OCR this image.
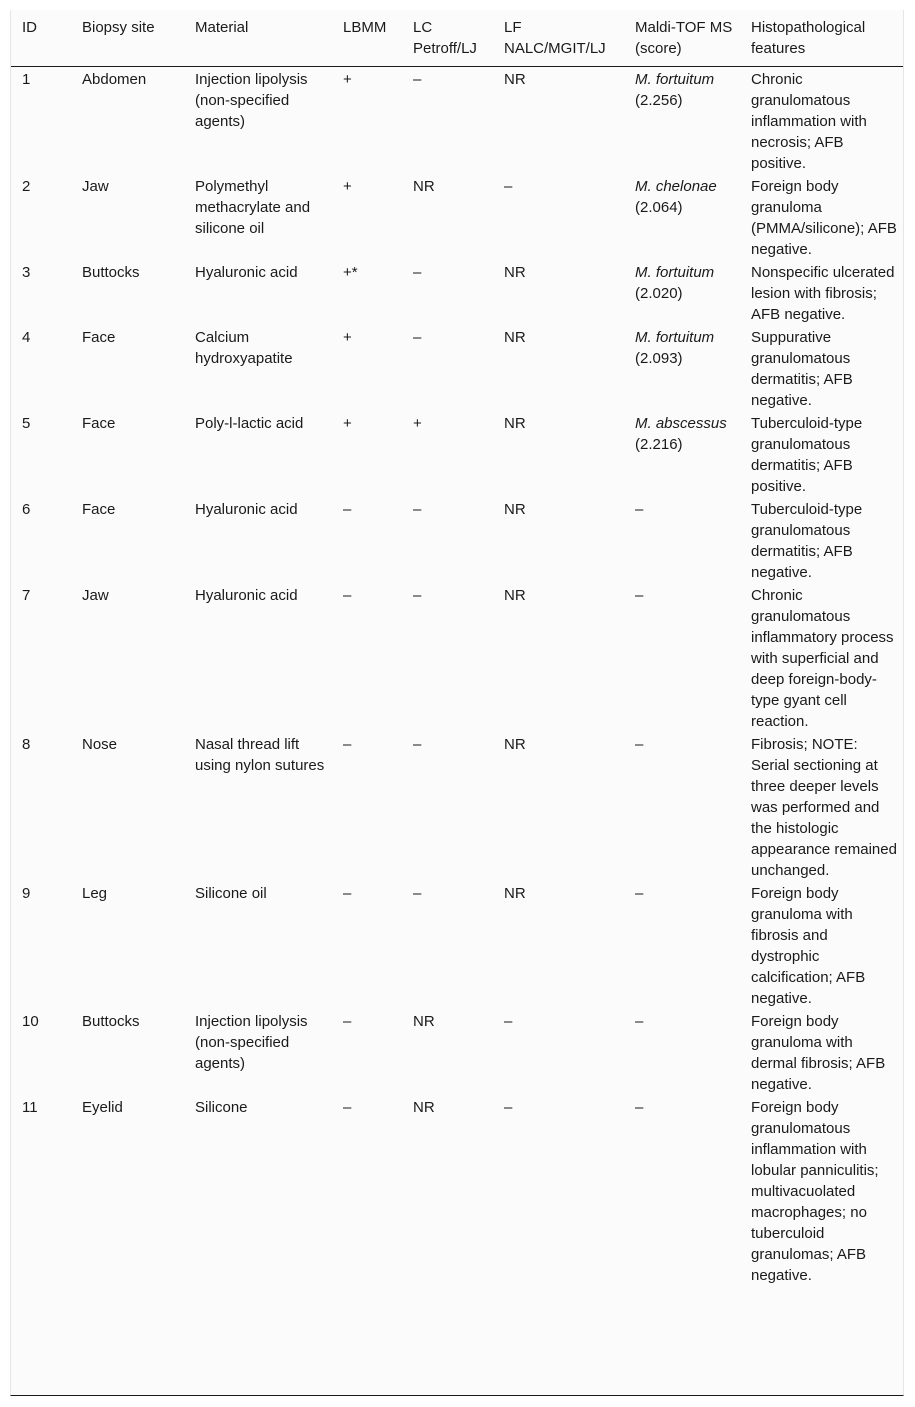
ID	Biopsy site	Material	LBMM	LC Petroff/LJ	LF NALC/MGIT/LJ	Maldi-TOF MS (score)	Histopathological features
1	Abdomen	Injection lipolysis (non-specified agents)	+	–	NR	M. fortuitum (2.256)	Chronic granulomatous inflammation with necrosis; AFB positive.
2	Jaw	Polymethyl methacrylate and silicone oil	+	NR	–	M. chelonae (2.064)	Foreign body granuloma (PMMA/silicone); AFB negative.
3	Buttocks	Hyaluronic acid	+*	–	NR	M. fortuitum (2.020)	Nonspecific ulcerated lesion with fibrosis; AFB negative.
4	Face	Calcium hydroxyapatite	+	–	NR	M. fortuitum (2.093)	Suppurative granulomatous dermatitis; AFB negative.
5	Face	Poly-l-lactic acid	+	+	NR	M. abscessus (2.216)	Tuberculoid-type granulomatous dermatitis; AFB positive.
6	Face	Hyaluronic acid	–	–	NR	–	Tuberculoid-type granulomatous dermatitis; AFB negative.
7	Jaw	Hyaluronic acid	–	–	NR	–	Chronic granulomatous inflammatory process with superficial and deep foreign-body-type gyant cell reaction.
8	Nose	Nasal thread lift using nylon sutures	–	–	NR	–	Fibrosis; NOTE: Serial sectioning at three deeper levels was performed and the histologic appearance remained unchanged.
9	Leg	Silicone oil	–	–	NR	–	Foreign body granuloma with fibrosis and dystrophic calcification; AFB negative.
10	Buttocks	Injection lipolysis (non-specified agents)	–	NR	–	–	Foreign body granuloma with dermal fibrosis; AFB negative.
11	Eyelid	Silicone	–	NR	–	–	Foreign body granulomatous inflammation with lobular panniculitis; multivacuolated macrophages; no tuberculoid granulomas; AFB negative.
